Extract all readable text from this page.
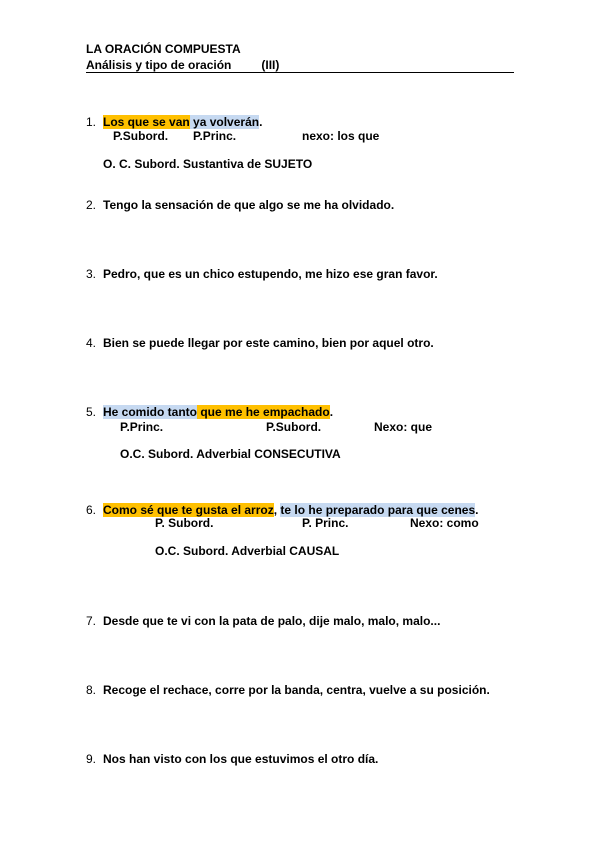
LA ORACIÓN COMPUESTA
Análisis y tipo de oración	(III)
1. Los que se van ya volverán.
P.Subord. P.Princ.	nexo: los que
O. C. Subord. Sustantiva de SUJETO
2. Tengo la sensación de que algo se me ha olvidado.
3. Pedro, que es un chico estupendo, me hizo ese gran favor.
4. Bien se puede llegar por este camino, bien por aquel otro.
5. He comido tanto que me he empachado.
P.Princ.	P.Subord.	Nexo: que
O.C. Subord. Adverbial CONSECUTIVA
6. Como sé que te gusta el arroz, te lo he preparado para que cenes.
P. Subord.	P. Princ.	Nexo: como
O.C. Subord. Adverbial CAUSAL
7. Desde que te vi con la pata de palo, dije malo, malo, malo...
8. Recoge el rechace, corre por la banda, centra, vuelve a su posición.
9. Nos han visto con los que estuvimos el otro día.
